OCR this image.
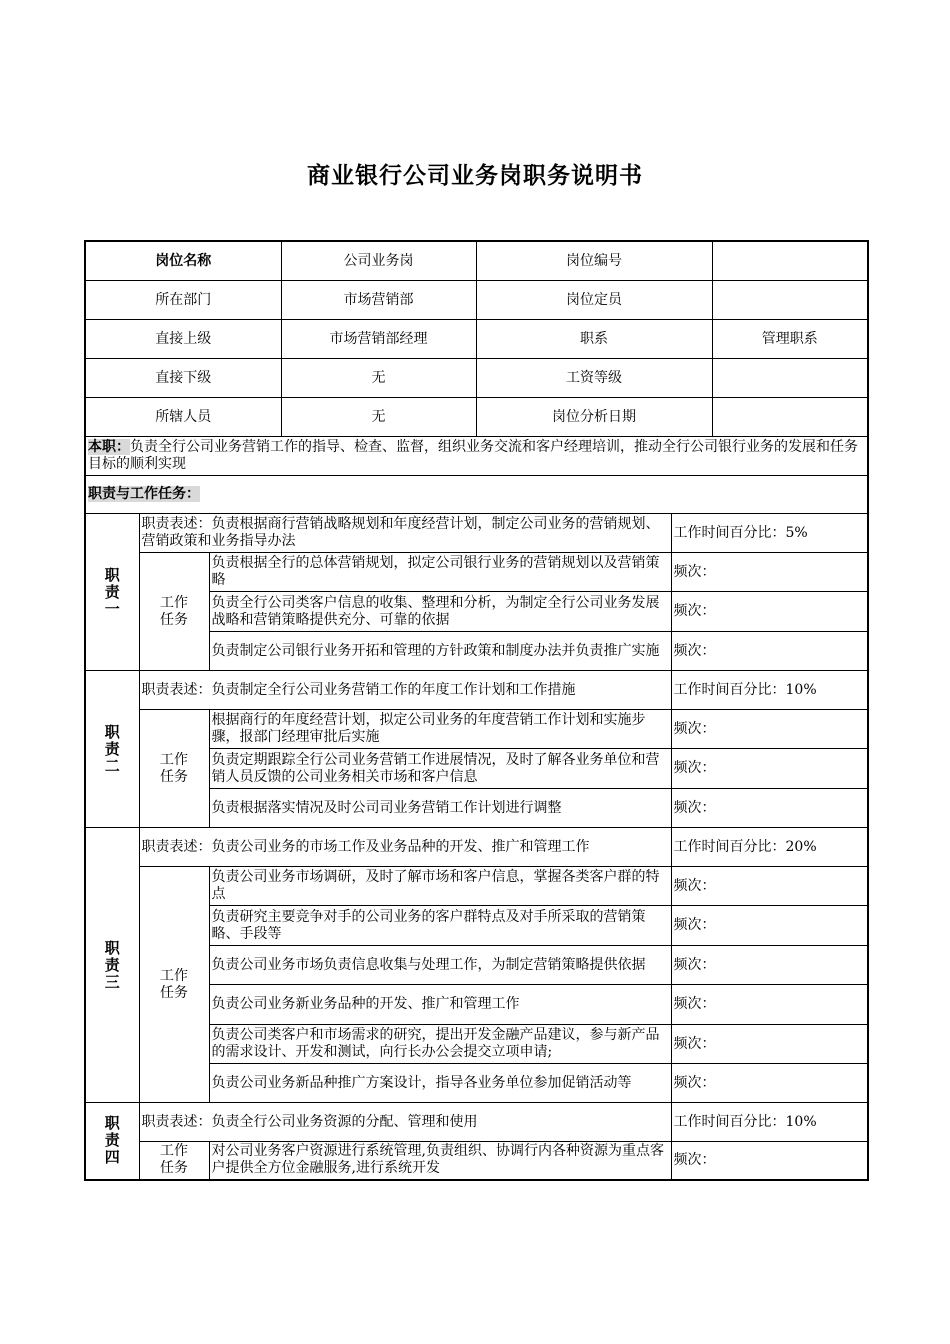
商业银行公司业务岗职务说明书
岗位名称			公司业务岗	岗位编号		
所在部门			市场营销部	岗位定员		
直接上级			市场营销部经理	职系		管理职系
直接下级			无	工资等级		
所辖人员			无	岗位分析日期		
本职：负责全行公司业务营销工作的指导、检查、监督，组织业务交流和客户经理培训，推动全行公司银行业务的发展和任务目标的顺利实现						
职责与工作任务：						

职
责
一	职责表述：负责根据商行营销战略规划和年度经营计划，制定公司业务的营销规划、营销政策和业务指导办法				工作时间百分比：5%	
	工作任务	负责根据全行的总体营销规划，拟定公司银行业务的营销规划以及营销策略			频次：	
		负责全行公司类客户信息的收集、整理和分析，为制定全行公司业务发展战略和营销策略提供充分、可靠的依据			频次：	
		负责制定公司银行业务开拓和管理的方针政策和制度办法并负责推广实施			频次：	

职
责
二	职责表述：负责制定全行公司业务营销工作的年度工作计划和工作措施				工作时间百分比：10%	
	工作任务	根据商行的年度经营计划，拟定公司业务的年度营销工作计划和实施步骤，报部门经理审批后实施			频次：	
		负责定期跟踪全行公司业务营销工作进展情况，及时了解各业务单位和营销人员反馈的公司业务相关市场和客户信息			频次：	
		负责根据落实情况及时公司司业务营销工作计划进行调整			频次：	

职
责
三	职责表述：负责公司业务的市场工作及业务品种的开发、推广和管理工作				工作时间百分比：20%	
	工作任务	负责公司业务市场调研，及时了解市场和客户信息，掌握各类客户群的特点			频次：	
		负责研究主要竞争对手的公司业务的客户群特点及对手所采取的营销策略、手段等			频次：	
		负责公司业务市场负责信息收集与处理工作，为制定营销策略提供依据			频次：	
		负责公司业务新业务品种的开发、推广和管理工作			频次：	
		负责公司类客户和市场需求的研究，提出开发金融产品建议，参与新产品的需求设计、开发和测试，向行长办公会提交立项申请;			频次：	
		负责公司业务新品种推广方案设计，指导各业务单位参加促销活动等			频次：	

职
责
四	职责表述：负责全行公司业务资源的分配、管理和使用				工作时间百分比：10%	
	工作任务	对公司业务客户资源进行系统管理,负责组织、协调行内各种资源为重点客户提供全方位金融服务,进行系统开发			频次：	
